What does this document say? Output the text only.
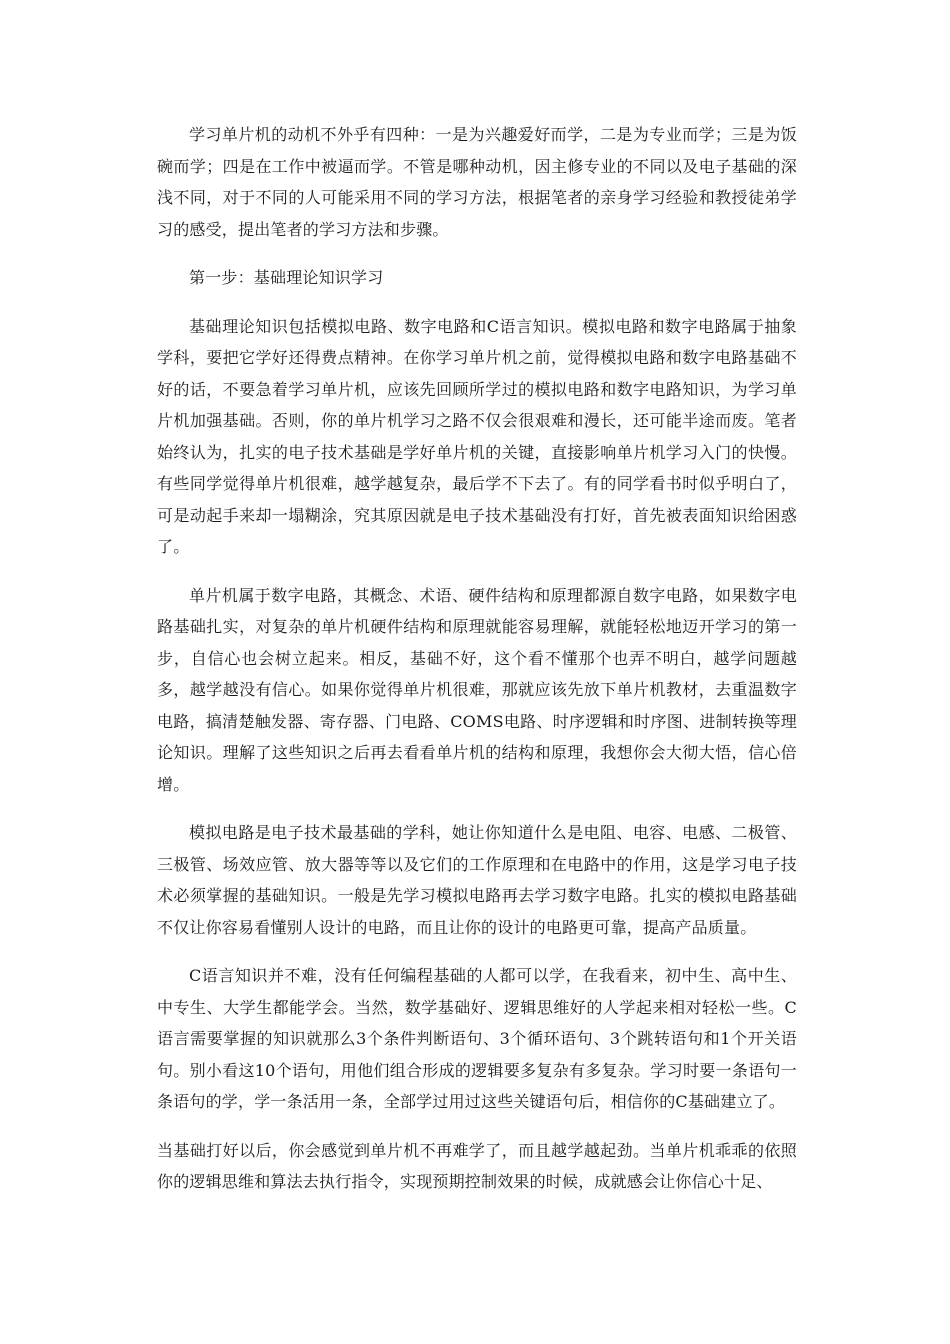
学习单片机的动机不外乎有四种：一是为兴趣爱好而学，二是为专业而学；三是为饭碗而学；四是在工作中被逼而学。不管是哪种动机，因主修专业的不同以及电子基础的深浅不同，对于不同的人可能采用不同的学习方法，根据笔者的亲身学习经验和教授徒弟学习的感受，提出笔者的学习方法和步骤。

第一步：基础理论知识学习

基础理论知识包括模拟电路、数字电路和C语言知识。模拟电路和数字电路属于抽象学科，要把它学好还得费点精神。在你学习单片机之前，觉得模拟电路和数字电路基础不好的话，不要急着学习单片机，应该先回顾所学过的模拟电路和数字电路知识，为学习单片机加强基础。否则，你的单片机学习之路不仅会很艰难和漫长，还可能半途而废。笔者始终认为，扎实的电子技术基础是学好单片机的关键，直接影响单片机学习入门的快慢。有些同学觉得单片机很难，越学越复杂，最后学不下去了。有的同学看书时似乎明白了，可是动起手来却一塌糊涂，究其原因就是电子技术基础没有打好，首先被表面知识给困惑了。

单片机属于数字电路，其概念、术语、硬件结构和原理都源自数字电路，如果数字电路基础扎实，对复杂的单片机硬件结构和原理就能容易理解，就能轻松地迈开学习的第一步，自信心也会树立起来。相反，基础不好，这个看不懂那个也弄不明白，越学问题越多，越学越没有信心。如果你觉得单片机很难，那就应该先放下单片机教材，去重温数字电路，搞清楚触发器、寄存器、门电路、COMS电路、时序逻辑和时序图、进制转换等理论知识。理解了这些知识之后再去看看单片机的结构和原理，我想你会大彻大悟，信心倍增。

模拟电路是电子技术最基础的学科，她让你知道什么是电阻、电容、电感、二极管、三极管、场效应管、放大器等等以及它们的工作原理和在电路中的作用，这是学习电子技术必须掌握的基础知识。一般是先学习模拟电路再去学习数字电路。扎实的模拟电路基础不仅让你容易看懂别人设计的电路，而且让你的设计的电路更可靠，提高产品质量。

C语言知识并不难，没有任何编程基础的人都可以学，在我看来，初中生、高中生、中专生、大学生都能学会。当然，数学基础好、逻辑思维好的人学起来相对轻松一些。C语言需要掌握的知识就那么3个条件判断语句、3个循环语句、3个跳转语句和1个开关语句。别小看这10个语句，用他们组合形成的逻辑要多复杂有多复杂。学习时要一条语句一条语句的学，学一条活用一条，全部学过用过这些关键语句后，相信你的C基础建立了。

当基础打好以后，你会感觉到单片机不再难学了，而且越学越起劲。当单片机乖乖的依照你的逻辑思维和算法去执行指令，实现预期控制效果的时候，成就感会让你信心十足、
